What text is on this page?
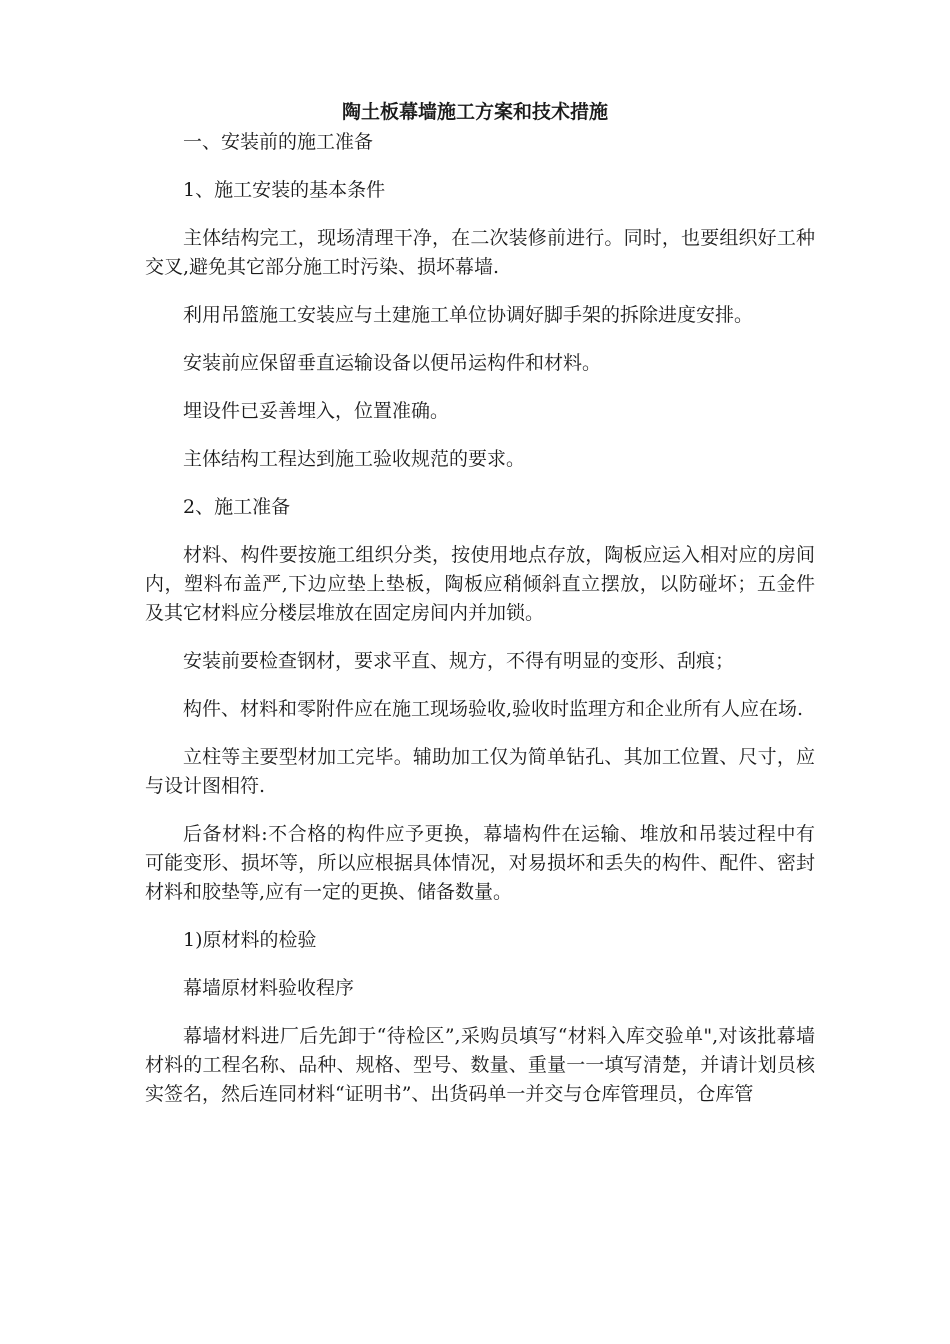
陶土板幕墙施工方案和技术措施

一、安装前的施工准备

1、施工安装的基本条件

主体结构完工，现场清理干净，在二次装修前进行。同时，也要组织好工种交叉,避免其它部分施工时污染、损坏幕墙.

利用吊篮施工安装应与土建施工单位协调好脚手架的拆除进度安排。

安装前应保留垂直运输设备以便吊运构件和材料。

埋设件已妥善埋入，位置准确。

主体结构工程达到施工验收规范的要求。

2、施工准备

材料、构件要按施工组织分类，按使用地点存放，陶板应运入相对应的房间内，塑料布盖严,下边应垫上垫板，陶板应稍倾斜直立摆放，以防碰坏；五金件及其它材料应分楼层堆放在固定房间内并加锁。

安装前要检查钢材，要求平直、规方，不得有明显的变形、刮痕；

构件、材料和零附件应在施工现场验收,验收时监理方和企业所有人应在场.

立柱等主要型材加工完毕。辅助加工仅为简单钻孔、其加工位置、尺寸，应与设计图相符.

后备材料:不合格的构件应予更换，幕墙构件在运输、堆放和吊装过程中有可能变形、损坏等，所以应根据具体情况，对易损坏和丢失的构件、配件、密封材料和胶垫等,应有一定的更换、储备数量。

1)原材料的检验

幕墙原材料验收程序

幕墙材料进厂后先卸于“待检区”,采购员填写“材料入库交验单",对该批幕墙材料的工程名称、品种、规格、型号、数量、重量一一填写清楚，并请计划员核实签名，然后连同材料“证明书”、出货码单一并交与仓库管理员，仓库管
